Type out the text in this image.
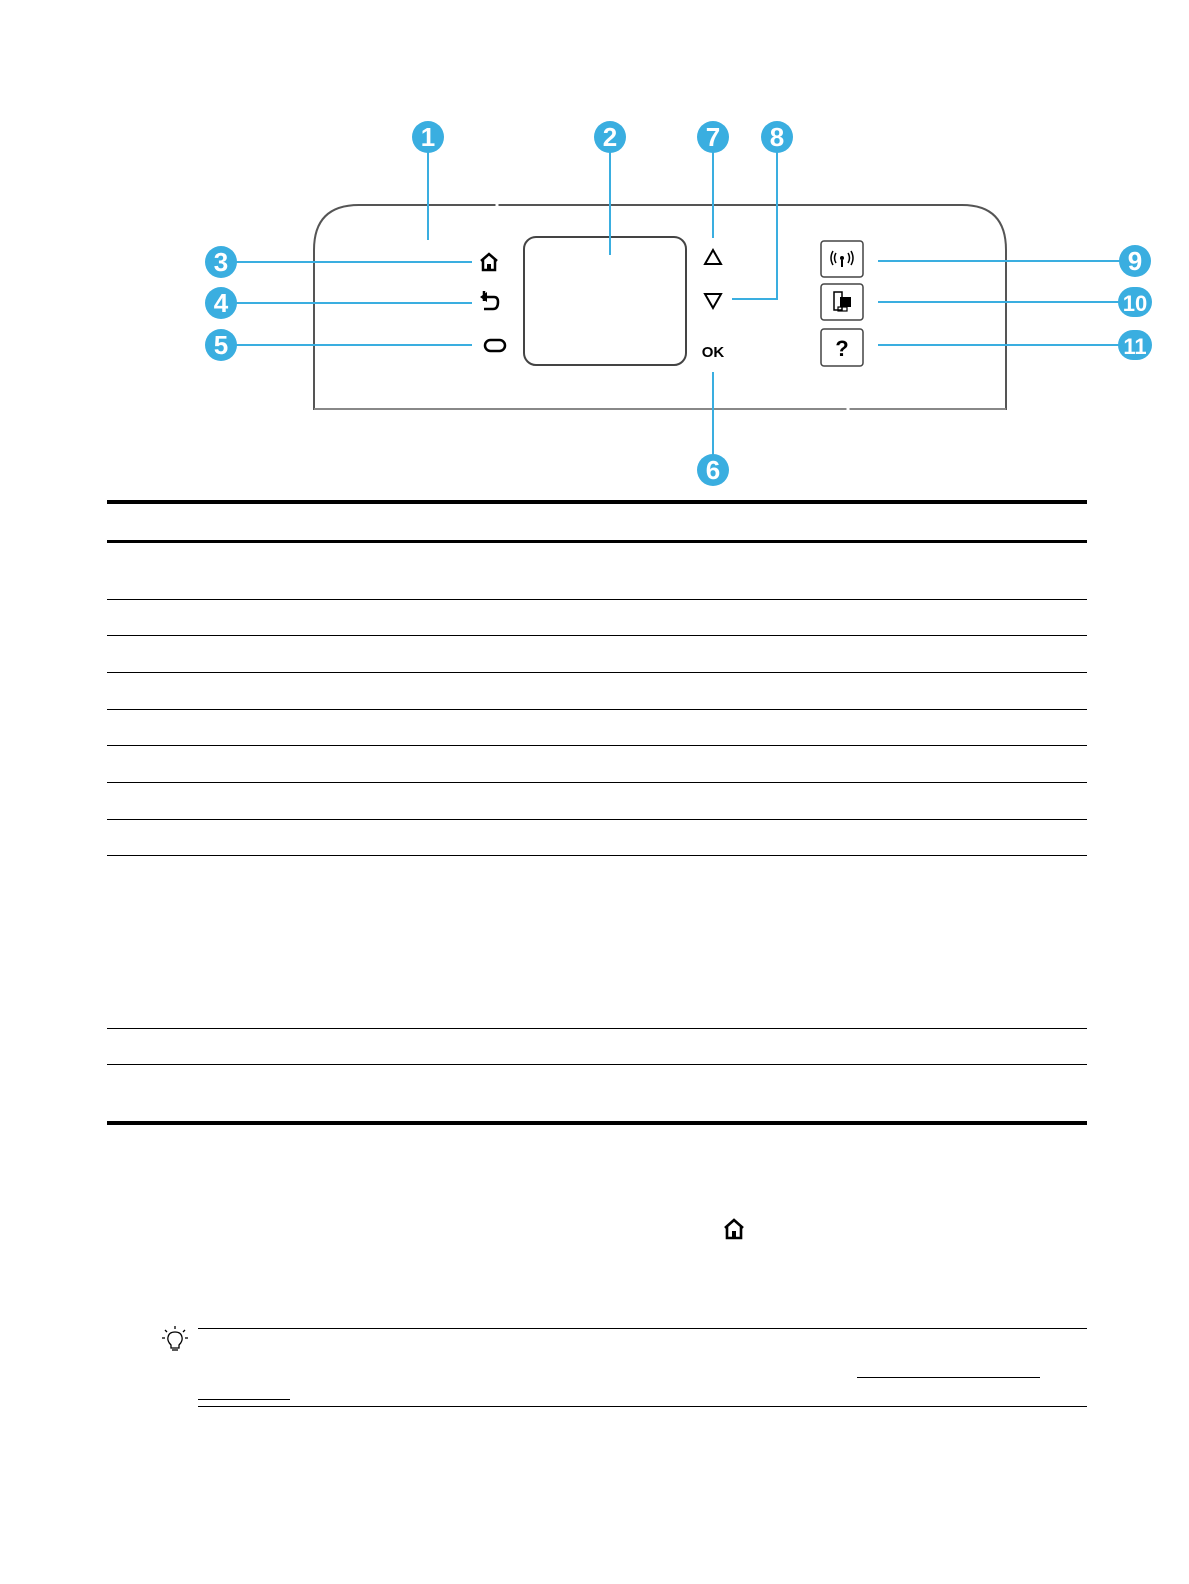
1	2
3
4
5
6
7 8
9
10
11
OK	?
